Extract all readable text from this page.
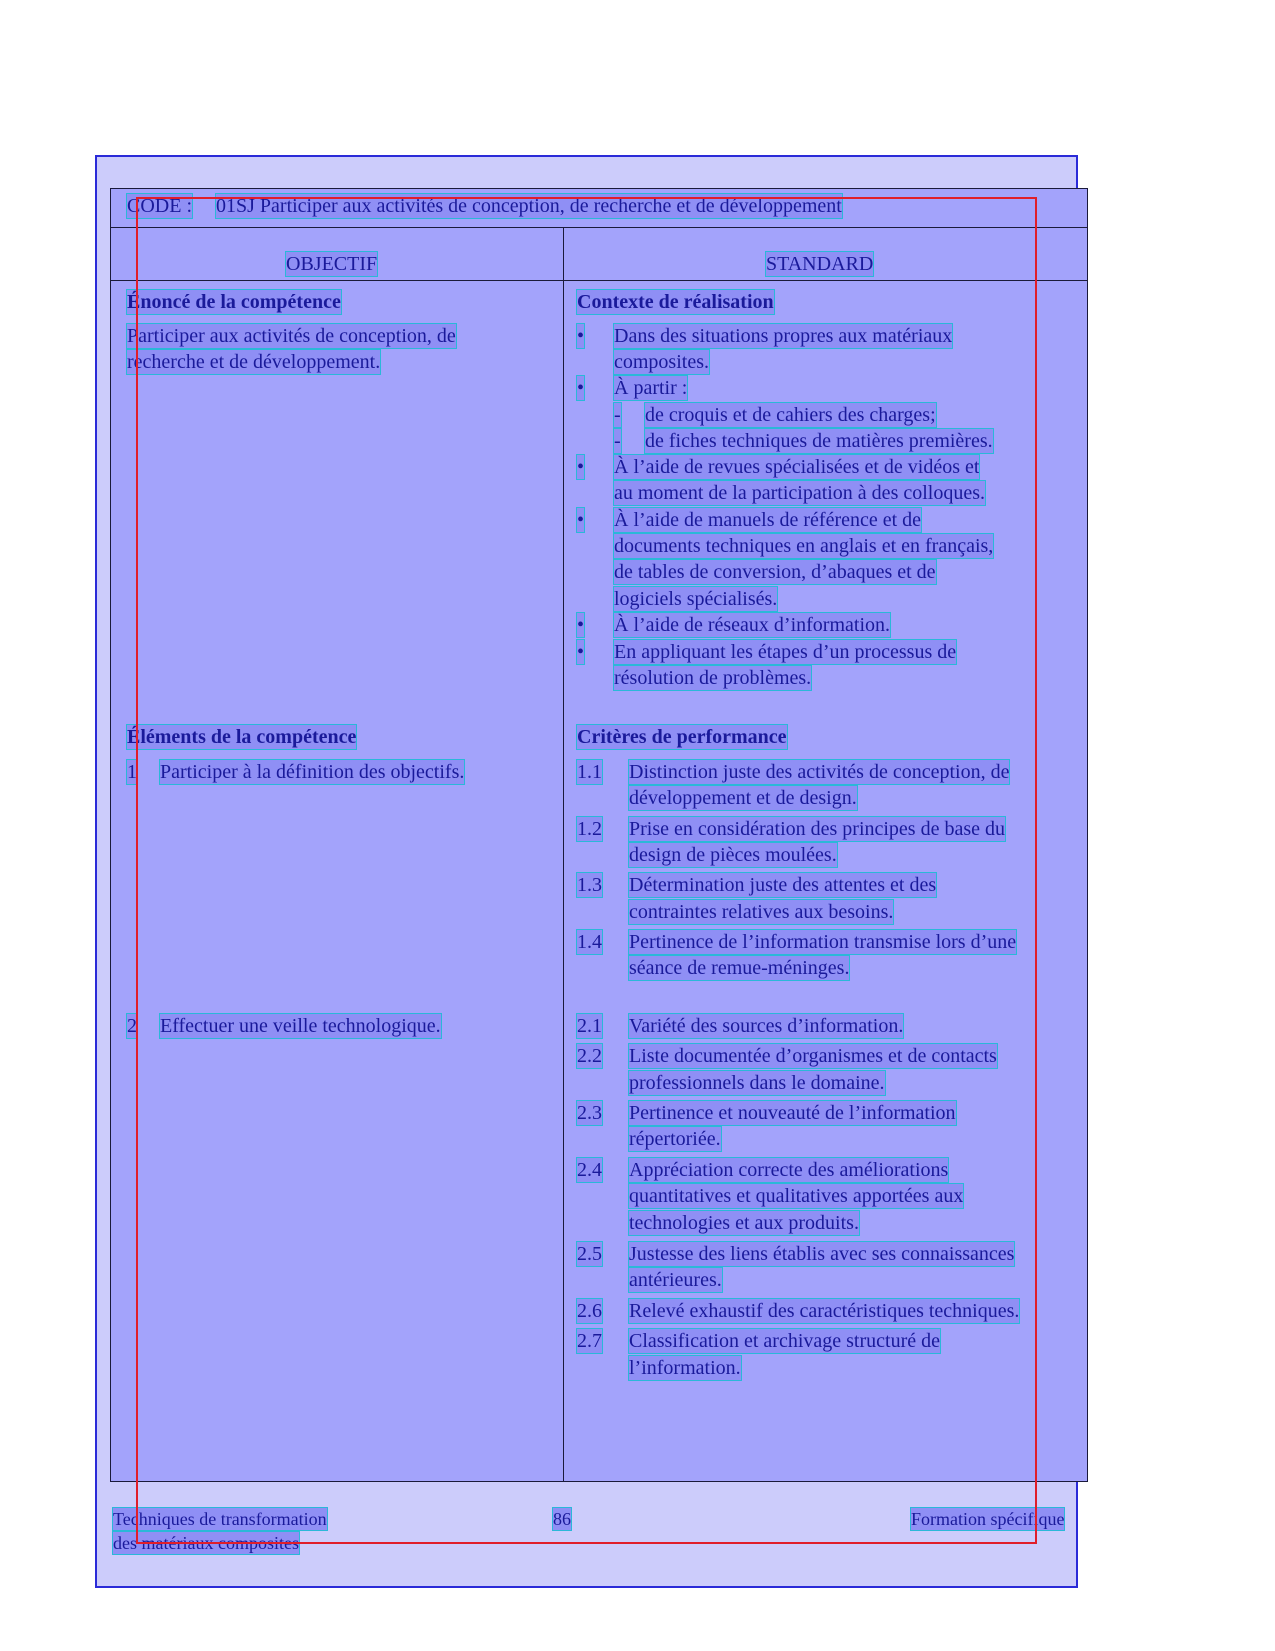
CODE : 01SJ Participer aux activités de conception, de recherche et de développement
OBJECTIF	STANDARD
Énoncé de la compétence
Participer aux activités de conception, de
recherche et de développement.
Contexte de réalisation
• Dans des situations propres aux matériaux
composites.
• À partir :
- de croquis et de cahiers des charges;
- de fiches techniques de matières premières.
• À l’aide de revues spécialisées et de vidéos et
au moment de la participation à des colloques.
• À l’aide de manuels de référence et de
documents techniques en anglais et en français,
de tables de conversion, d’abaques et de
logiciels spécialisés.
• À l’aide de réseaux d’information.
• En appliquant les étapes d’un processus de
résolution de problèmes.
Éléments de la compétence
1 Participer à la définition des objectifs.
2 Effectuer une veille technologique.
Critères de performance
1.1 Distinction juste des activités de conception, de
développement et de design.
1.2 Prise en considération des principes de base du
design de pièces moulées.
1.3 Détermination juste des attentes et des
contraintes relatives aux besoins.
1.4 Pertinence de l’information transmise lors d’une
séance de remue-méninges.
2.1 Variété des sources d’information.
2.2 Liste documentée d’organismes et de contacts
professionnels dans le domaine.
2.3 Pertinence et nouveauté de l’information
répertoriée.
2.4 Appréciation correcte des améliorations
quantitatives et qualitatives apportées aux
technologies et aux produits.
2.5 Justesse des liens établis avec ses connaissances
antérieures.
2.6 Relevé exhaustif des caractéristiques techniques.
2.7 Classification et archivage structuré de
l’information.
Techniques de transformation
des matériaux composites
86	Formation spécifique
